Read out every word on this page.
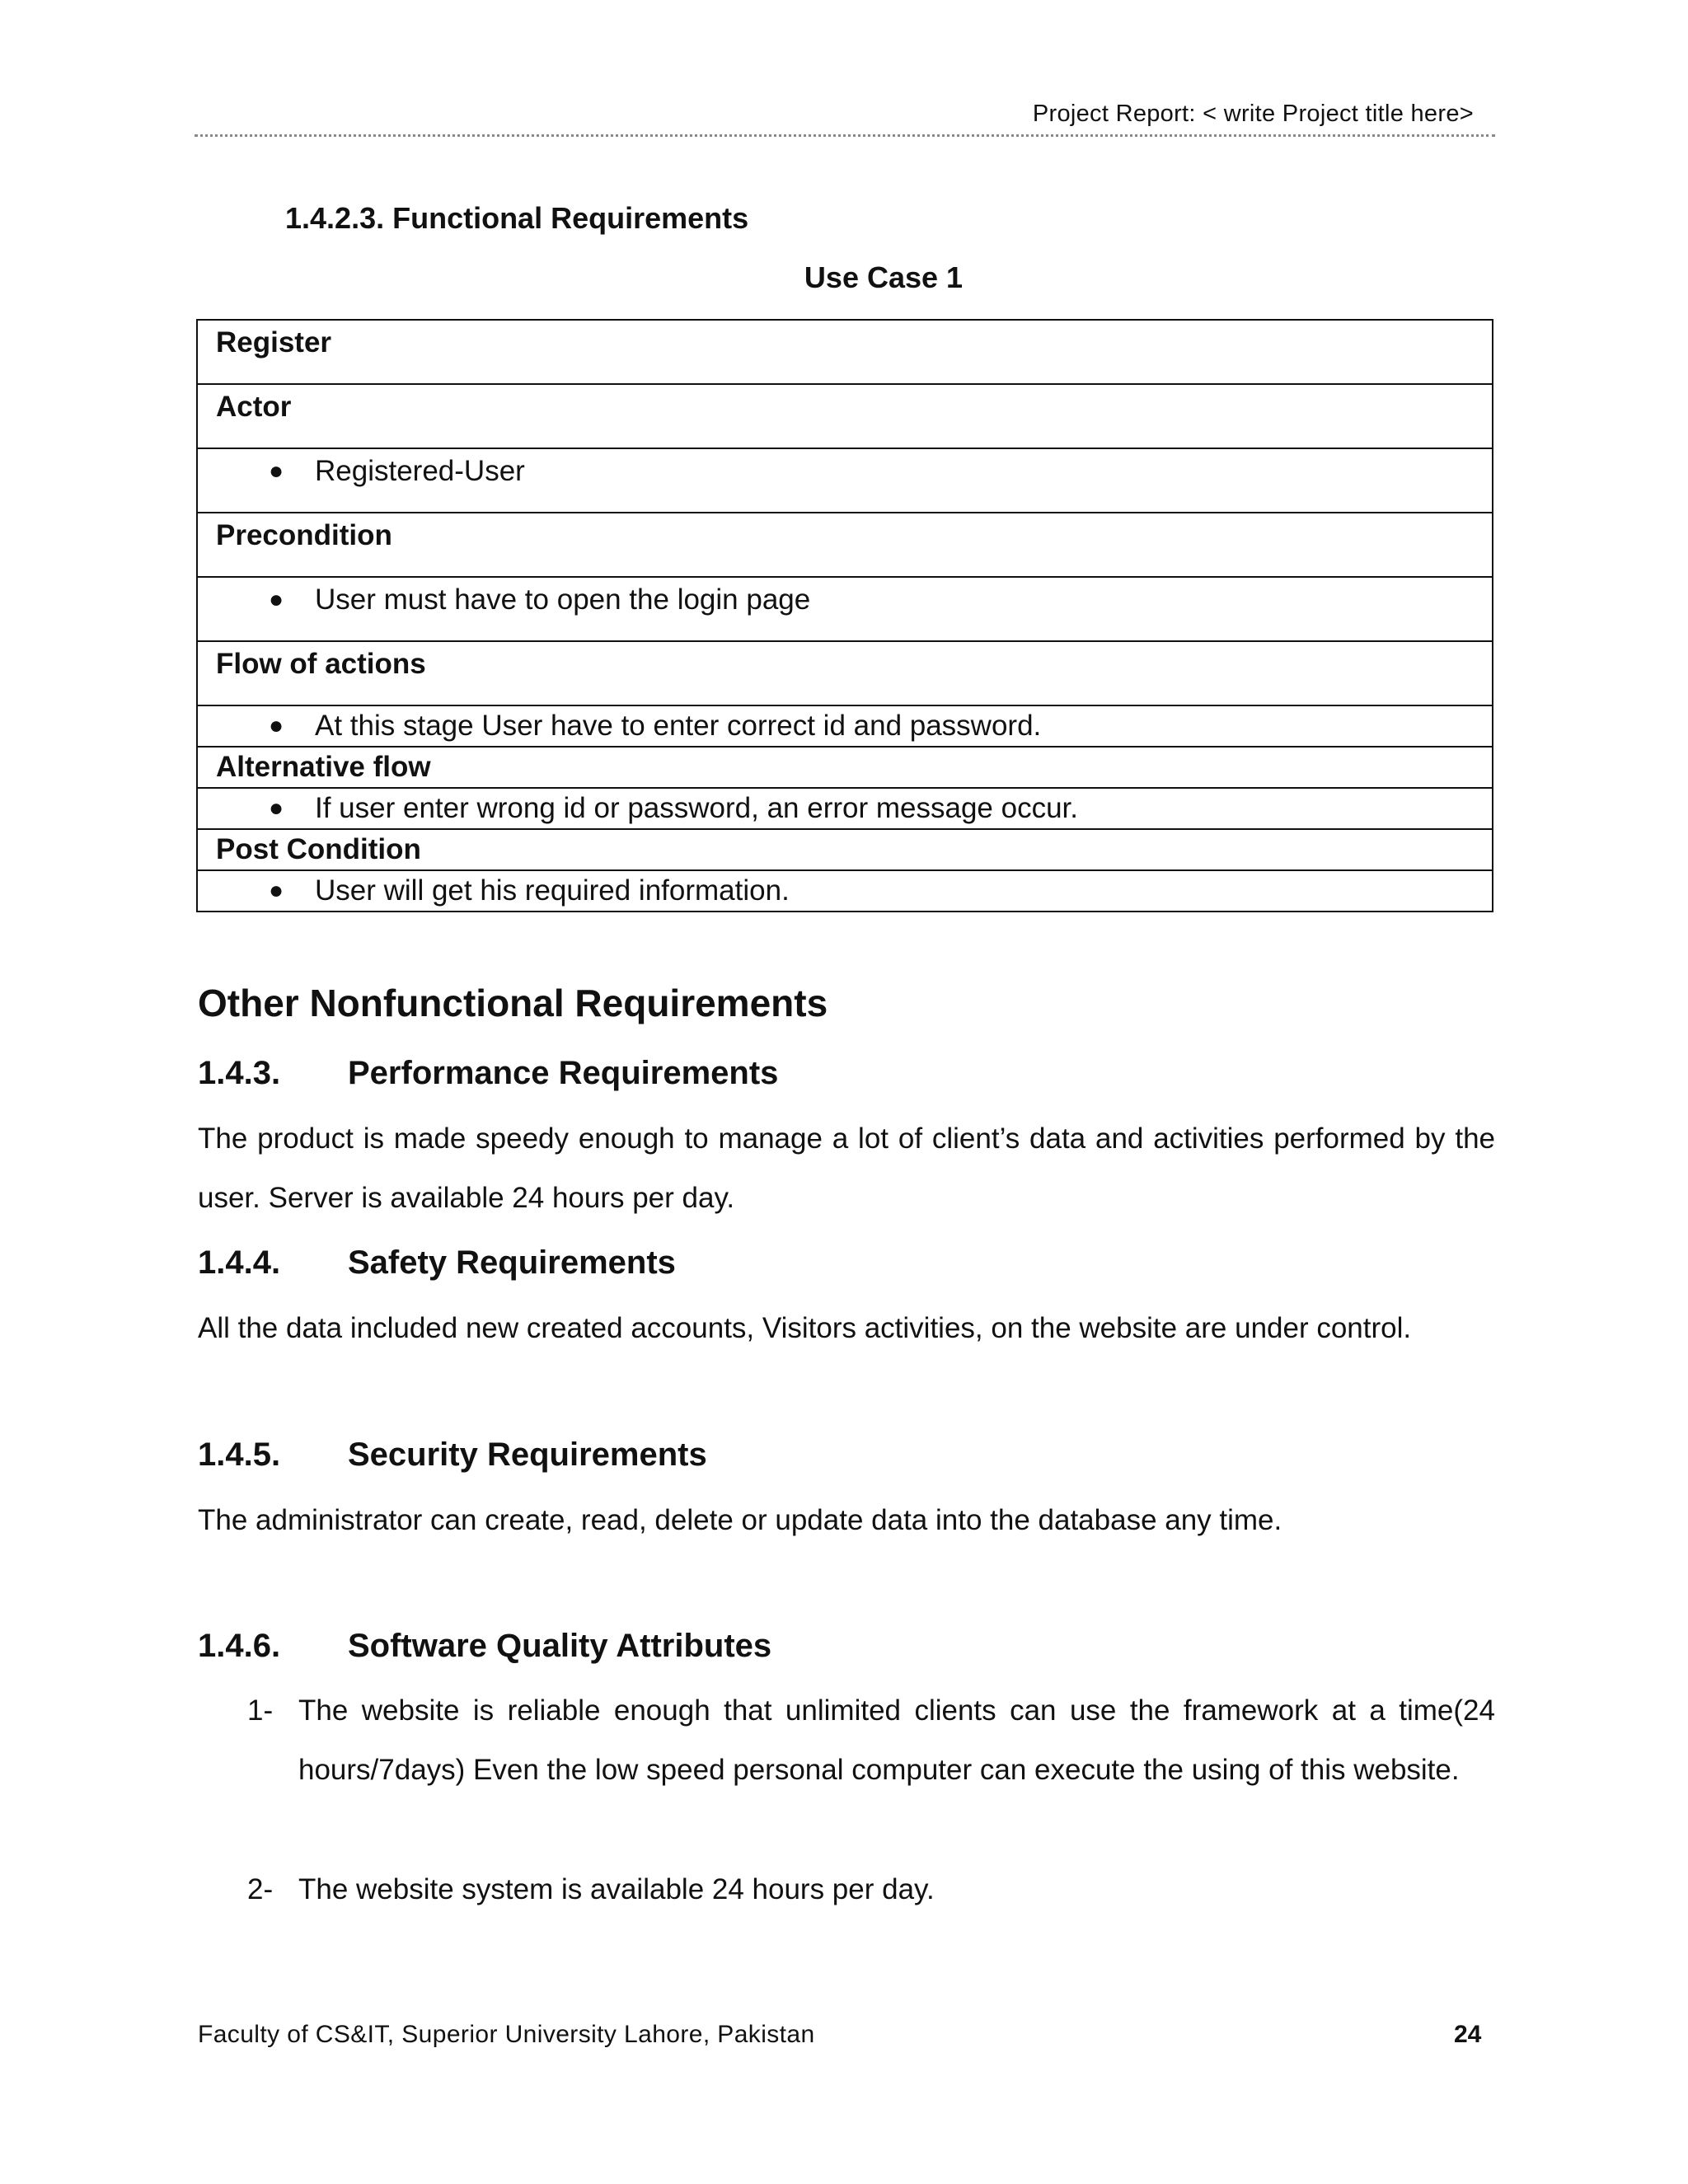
Project Report: < write Project title here>
1.4.2.3. Functional Requirements
Use Case 1
Register
Actor

● Registered-User
Precondition

● User must have to open the login page
Flow of actions

● At this stage User have to enter correct id and password.
Alternative flow

● If user enter wrong id or password, an error message occur.
Post Condition

● User will get his required information.
Other Nonfunctional Requirements
1.4.3. Performance Requirements
The product is made speedy enough to manage a lot of client’s data and activities performed by the user. Server is available 24 hours per day.
1.4.4. Safety Requirements
All the data included new created accounts, Visitors activities, on the website are under control.
1.4.5. Security Requirements
The administrator can create, read, delete or update data into the database any time.
1.4.6. Software Quality Attributes
1- The website is reliable enough that unlimited clients can use the framework at a time(24 hours/7days) Even the low speed personal computer can execute the using of this website.
2- The website system is available 24 hours per day.
Faculty of CS&IT, Superior University Lahore, Pakistan	24
